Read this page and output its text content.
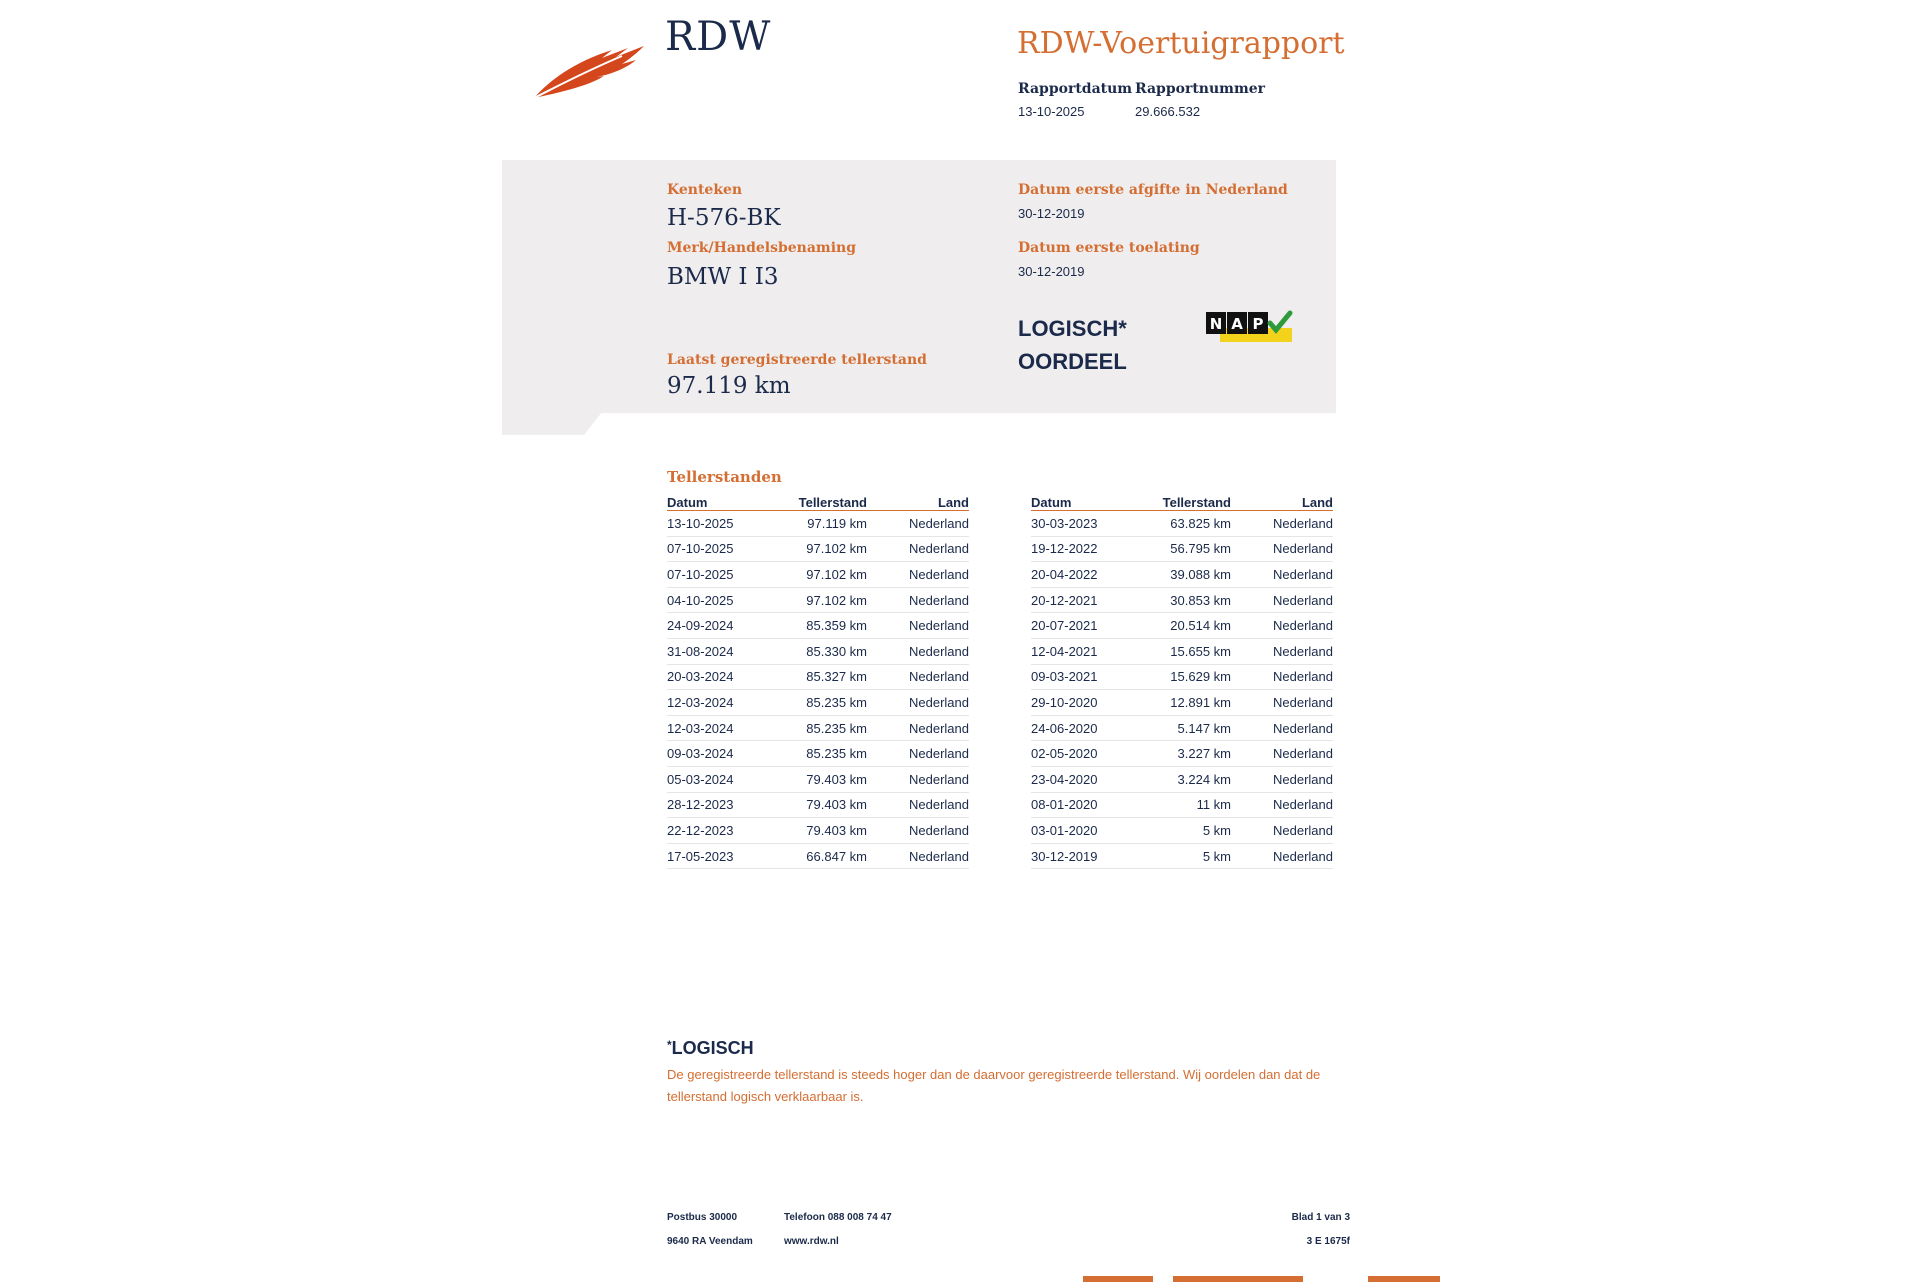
RDW	RDW-Voertuigrapport
Rapportdatum
13-10-2025
Rapportnummer
29.666.532
Kenteken
H-576-BK
Merk/Handelsbenaming
BMW I I3
Laatst geregistreerde tellerstand
97.119 km
Datum eerste afgifte in Nederland
30-12-2019
Datum eerste toelating
30-12-2019
LOGISCH*
OORDEEL
N A P
Tellerstanden
Datum	Tellerstand	Land
13-10-2025	97.119 km	Nederland
07-10-2025	97.102 km	Nederland
07-10-2025	97.102 km	Nederland
04-10-2025	97.102 km	Nederland
24-09-2024	85.359 km	Nederland
31-08-2024	85.330 km	Nederland
20-03-2024	85.327 km	Nederland
12-03-2024	85.235 km	Nederland
12-03-2024	85.235 km	Nederland
09-03-2024	85.235 km	Nederland
05-03-2024	79.403 km	Nederland
28-12-2023	79.403 km	Nederland
22-12-2023	79.403 km	Nederland
17-05-2023	66.847 km	Nederland
Datum	Tellerstand	Land
30-03-2023	63.825 km	Nederland
19-12-2022	56.795 km	Nederland
20-04-2022	39.088 km	Nederland
20-12-2021	30.853 km	Nederland
20-07-2021	20.514 km	Nederland
12-04-2021	15.655 km	Nederland
09-03-2021	15.629 km	Nederland
29-10-2020	12.891 km	Nederland
24-06-2020	5.147 km	Nederland
02-05-2020	3.227 km	Nederland
23-04-2020	3.224 km	Nederland
08-01-2020	11 km	Nederland
03-01-2020	5 km	Nederland
30-12-2019	5 km	Nederland
*LOGISCH
De geregistreerde tellerstand is steeds hoger dan de daarvoor geregistreerde tellerstand. Wij oordelen dan dat de tellerstand logisch verklaarbaar is.
Postbus 30000
9640 RA Veendam
Telefoon 088 008 74 47
www.rdw.nl
Blad 1 van 3
3 E 1675f
